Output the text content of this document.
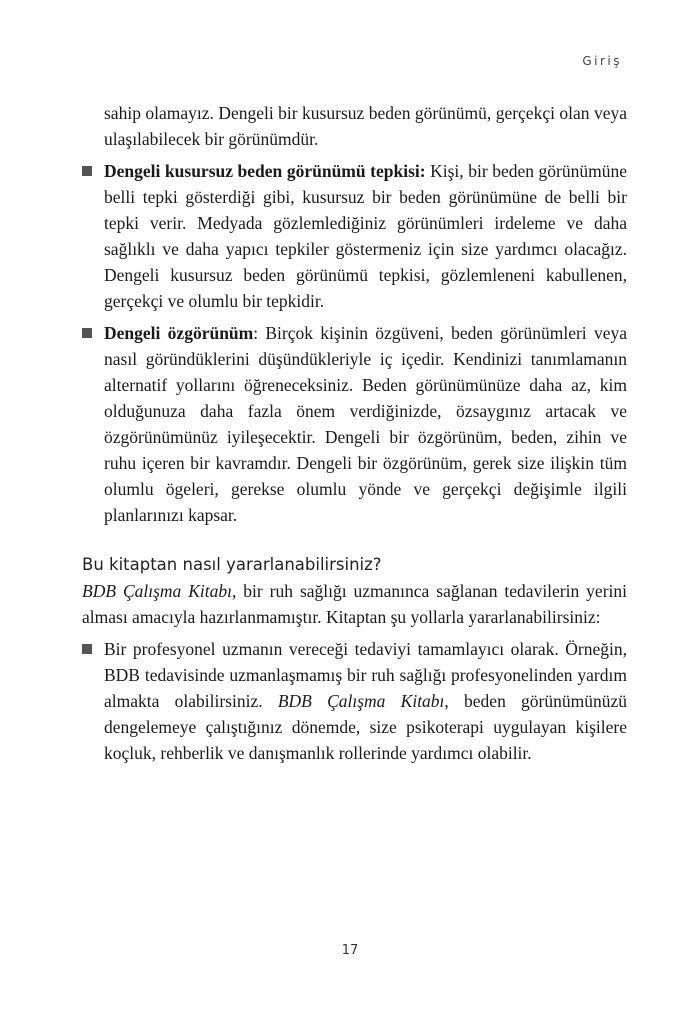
Giriş

sahip olamayız. Dengeli bir kusursuz beden görünümü, gerçekçi olan veya ulaşılabilecek bir görünümdür.

Dengeli kusursuz beden görünümü tepkisi: Kişi, bir beden görünümüne belli tepki gösterdiği gibi, kusursuz bir beden görünümüne de belli bir tepki verir. Medyada gözlemlediğiniz görünümleri irdeleme ve daha sağlıklı ve daha yapıcı tepkiler göstermeniz için size yardımcı olacağız. Dengeli kusursuz beden görünümü tepkisi, gözlemleneni kabullenen, gerçekçi ve olumlu bir tepkidir.

Dengeli özgörünüm: Birçok kişinin özgüveni, beden görünümleri veya nasıl göründüklerini düşündükleriyle iç içedir. Kendinizi tanımlamanın alternatif yollarını öğreneceksiniz. Beden görünümünüze daha az, kim olduğunuza daha fazla önem verdiğinizde, özsaygınız artacak ve özgörünümünüz iyileşecektir. Dengeli bir özgörünüm, beden, zihin ve ruhu içeren bir kavramdır. Dengeli bir özgörünüm, gerek size ilişkin tüm olumlu ögeleri, gerekse olumlu yönde ve gerçekçi değişimle ilgili planlarınızı kapsar.

Bu kitaptan nasıl yararlanabilirsiniz?

BDB Çalışma Kitabı, bir ruh sağlığı uzmanınca sağlanan tedavilerin yerini alması amacıyla hazırlanmamıştır. Kitaptan şu yollarla yararlanabilirsiniz:

Bir profesyonel uzmanın vereceği tedaviyi tamamlayıcı olarak. Örneğin, BDB tedavisinde uzmanlaşmamış bir ruh sağlığı profesyonelinden yardım almakta olabilirsiniz. BDB Çalışma Kitabı, beden görünümünüzü dengelemeye çalıştığınız dönemde, size psikoterapi uygulayan kişilere koçluk, rehberlik ve danışmanlık rollerinde yardımcı olabilir.

17
